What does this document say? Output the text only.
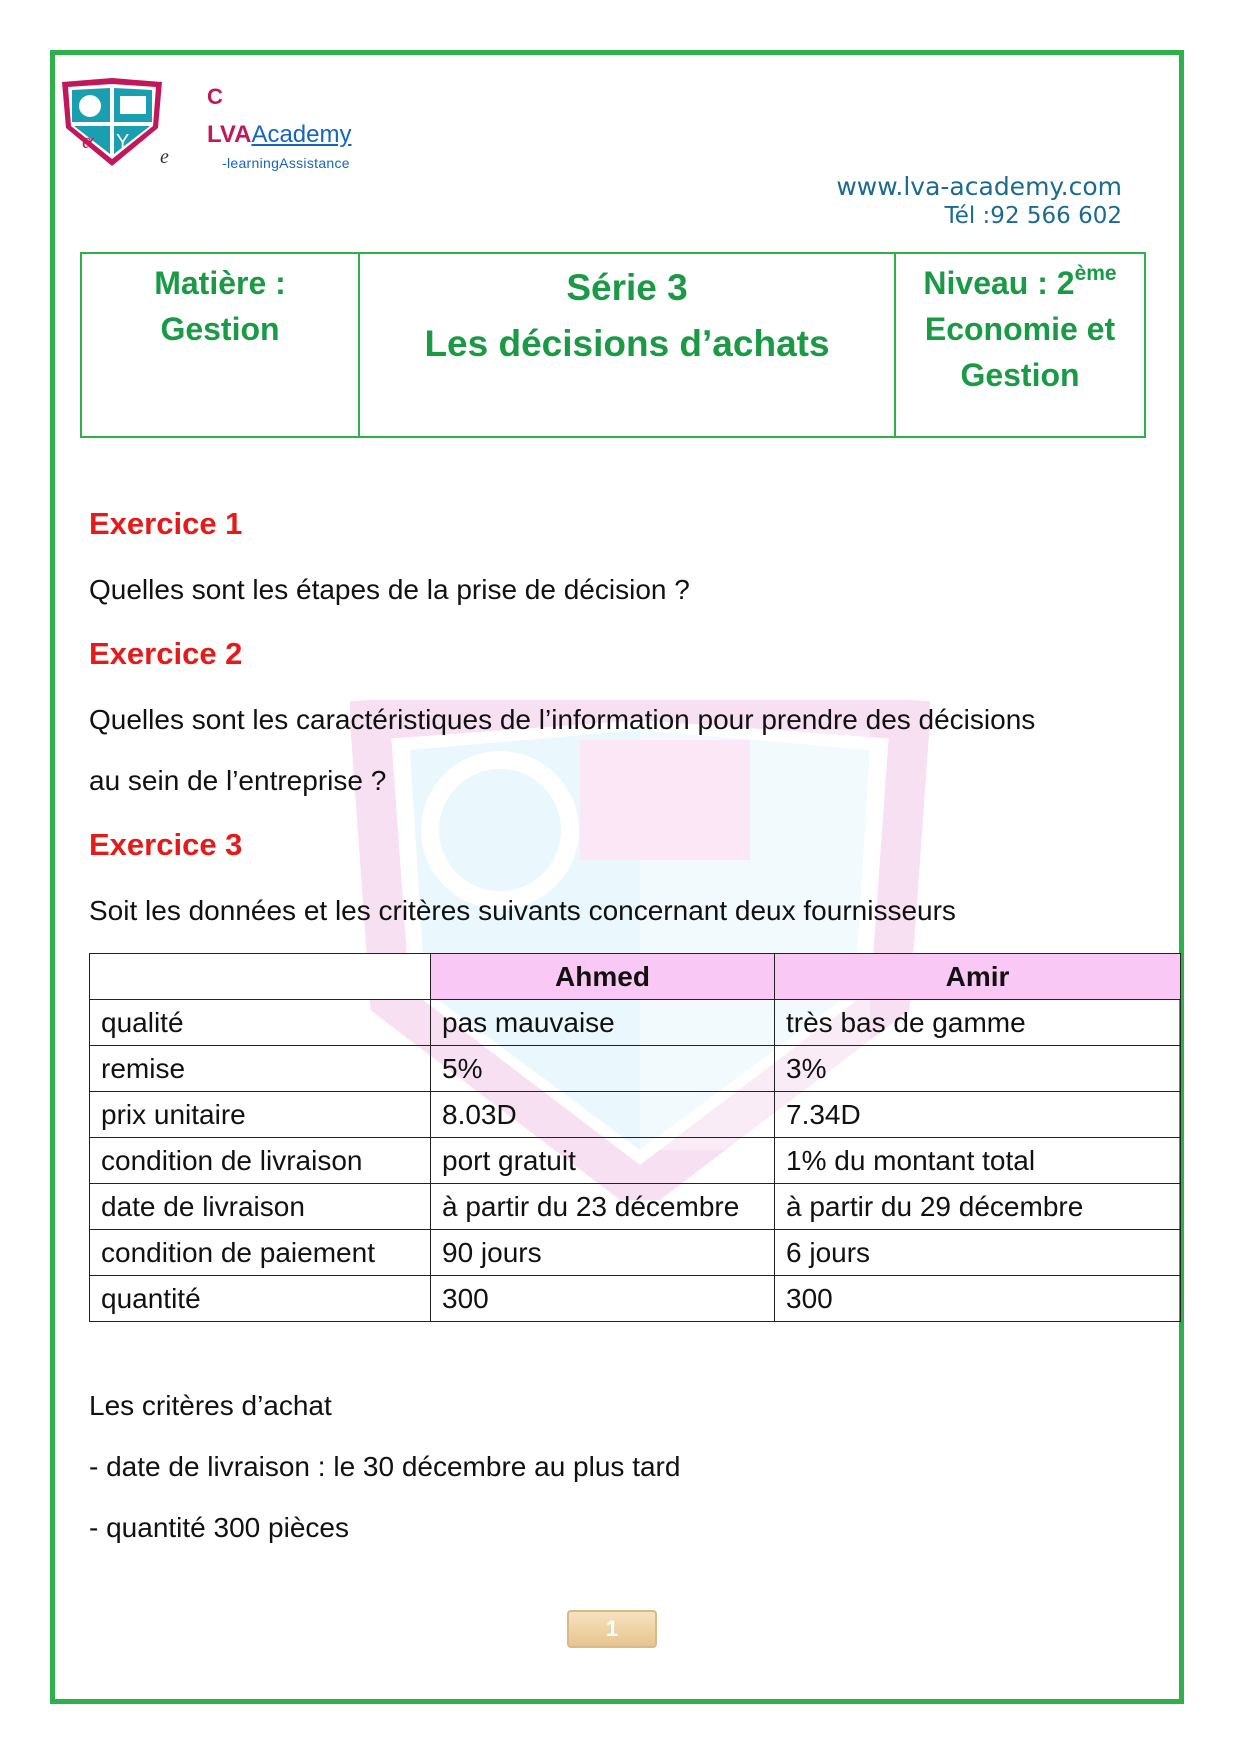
α Y
C
LVAAcademy
e	-learningAssistance
www.lva-academy.com
Tél :92 566 602
Matière :
Gestion

Série 3
Les décisions d’achats

Niveau : 2ème
Economie et
Gestion
Exercice 1
Quelles sont les étapes de la prise de décision ?
Exercice 2
Quelles sont les caractéristiques de l’information pour prendre des décisions
au sein de l’entreprise ?
Exercice 3
Soit les données et les critères suivants concernant deux fournisseurs
	Ahmed	Amir
qualité	pas mauvaise	très bas de gamme
remise	5%	3%
prix unitaire	8.03D	7.34D
condition de livraison	port gratuit	1% du montant total
date de livraison	à partir du 23 décembre	à partir du 29 décembre
condition de paiement	90 jours	6 jours
quantité	300	300
Les critères d’achat
- date de livraison : le 30 décembre au plus tard
- quantité 300 pièces
1
